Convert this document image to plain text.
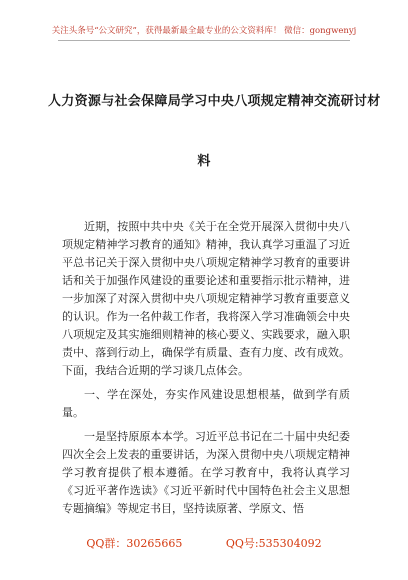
关注头条号“公文研究”，获得最新最全最专业的公文资料库！ 微信：gongwenyj
人力资源与社会保障局学习中央八项规定精神交流研讨材
料

近期，按照中共中央《关于在全党开展深入贯彻中央八项规定精神学习教育的通知》精神，我认真学习重温了习近平总书记关于深入贯彻中央八项规定精神学习教育的重要讲话和关于加强作风建设的重要论述和重要指示批示精神，进一步加深了对深入贯彻中央八项规定精神学习教育重要意义的认识。作为一名仲裁工作者，我将深入学习准确领会中央八项规定及其实施细则精神的核心要义、实践要求，融入职责中、落到行动上，确保学有质量、查有力度、改有成效。下面，我结合近期的学习谈几点体会。

一、学在深处，夯实作风建设思想根基，做到学有质量。

一是坚持原原本本学。习近平总书记在二十届中央纪委四次全会上发表的重要讲话，为深入贯彻中央八项规定精神学习教育提供了根本遵循。在学习教育中，我将认真学习《习近平著作选读》《习近平新时代中国特色社会主义思想专题摘编》等规定书目，坚持读原著、学原文、悟

QQ群：30265665	QQ号:535304092
